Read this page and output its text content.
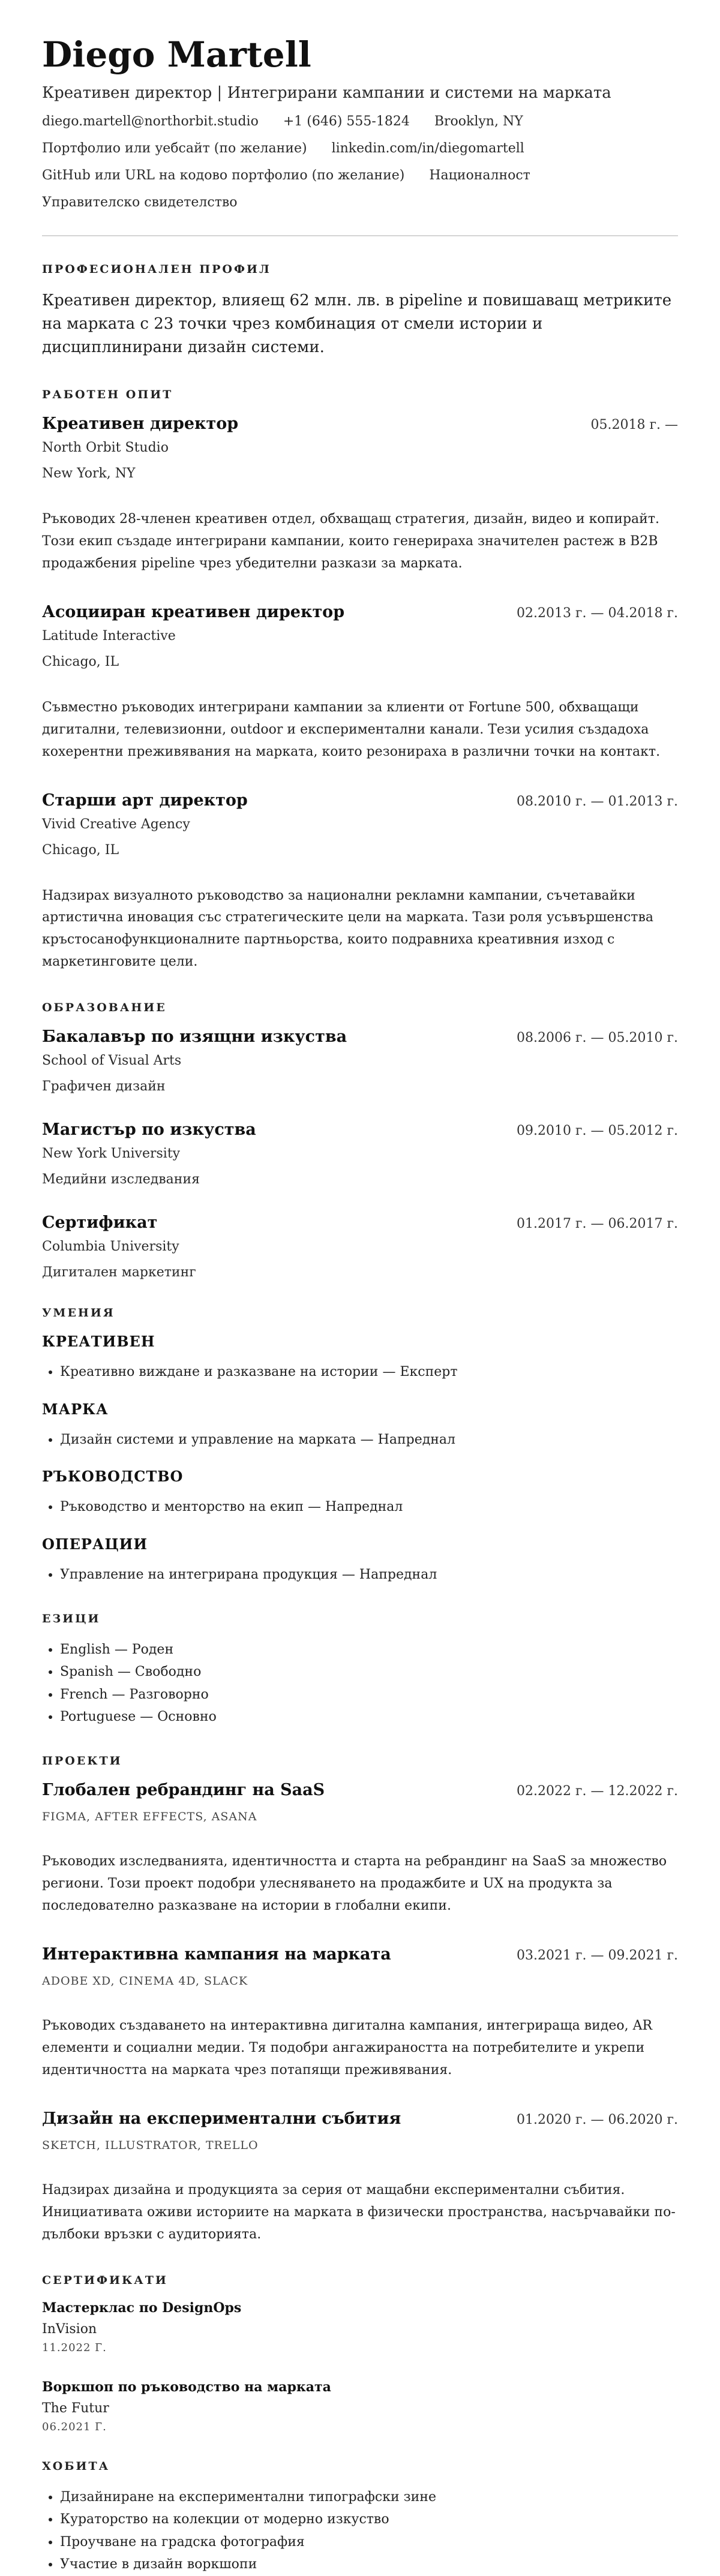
Diego Martell
Креативен директор | Интегрирани кампании и системи на марката
diego.martell@northorbit.studio +1 (646) 555-1824 Brooklyn, NY
Портфолио или уебсайт (по желание) linkedin.com/in/diegomartell
GitHub или URL на кодово портфолио (по желание) Националност
Управителско свидетелство
ПРОФЕСИОНАЛЕН ПРОФИЛ

Креативен директор, влияещ 62 млн. лв. в pipeline и повишаващ метриките на марката с 23 точки чрез комбинация от смели истории и дисциплинирани дизайн системи.

РАБОТЕН ОПИТ
Креативен директор	05.2018 г. —
North Orbit Studio
New York, NY
Ръководих 28-членен креативен отдел, обхващащ стратегия, дизайн, видео и копирайт. Този екип създаде интегрирани кампании, които генерираха значителен растеж в B2B продажбения pipeline чрез убедителни разкази за марката.
Асоцииран креативен директор	02.2013 г. — 04.2018 г.
Latitude Interactive
Chicago, IL
Съвместно ръководих интегрирани кампании за клиенти от Fortune 500, обхващащи дигитални, телевизионни, outdoor и експериментални канали. Тези усилия създадоха кохерентни преживявания на марката, които резонираха в различни точки на контакт.
Старши арт директор	08.2010 г. — 01.2013 г.
Vivid Creative Agency
Chicago, IL
Надзирах визуалното ръководство за национални рекламни кампании, съчетавайки артистична иновация със стратегическите цели на марката. Тази роля усъвършенства кръстосанофункционалните партньорства, които подравниха креативния изход с маркетинговите цели.
ОБРАЗОВАНИЕ
Бакалавър по изящни изкуства	08.2006 г. — 05.2010 г.
School of Visual Arts
Графичен дизайн
Магистър по изкуства	09.2010 г. — 05.2012 г.
New York University
Медийни изследвания
Сертификат	01.2017 г. — 06.2017 г.
Columbia University
Дигитален маркетинг
УМЕНИЯ
КРЕАТИВЕН
• Креативно виждане и разказване на истории — Експерт
МАРКА
• Дизайн системи и управление на марката — Напреднал
РЪКОВОДСТВО
• Ръководство и менторство на екип — Напреднал
ОПЕРАЦИИ
• Управление на интегрирана продукция — Напреднал
ЕЗИЦИ
• English — Роден
• Spanish — Свободно
• French — Разговорно
• Portuguese — Основно
ПРОЕКТИ
Глобален ребрандинг на SaaS	02.2022 г. — 12.2022 г.
FIGMA, AFTER EFFECTS, ASANA
Ръководих изследванията, идентичността и старта на ребрандинг на SaaS за множество региони. Този проект подобри улесняването на продажбите и UX на продукта за последователно разказване на истории в глобални екипи.
Интерактивна кампания на марката	03.2021 г. — 09.2021 г.
ADOBE XD, CINEMA 4D, SLACK
Ръководих създаването на интерактивна дигитална кампания, интегрираща видео, AR елементи и социални медии. Тя подобри ангажираността на потребителите и укрепи идентичността на марката чрез потапящи преживявания.
Дизайн на експериментални събития	01.2020 г. — 06.2020 г.
SKETCH, ILLUSTRATOR, TRELLO
Надзирах дизайна и продукцията за серия от мащабни експериментални събития. Инициативата оживи историите на марката в физически пространства, насърчавайки по-дълбоки връзки с аудиторията.
СЕРТИФИКАТИ
Мастерклас по DesignOps
InVision
11.2022 Г.
Воркшоп по ръководство на марката
The Futur
06.2021 Г.
ХОБИТА
• Дизайниране на експериментални типографски зине
• Кураторство на колекции от модерно изкуство
• Проучване на градска фотография
• Участие в дизайн воркшопи
